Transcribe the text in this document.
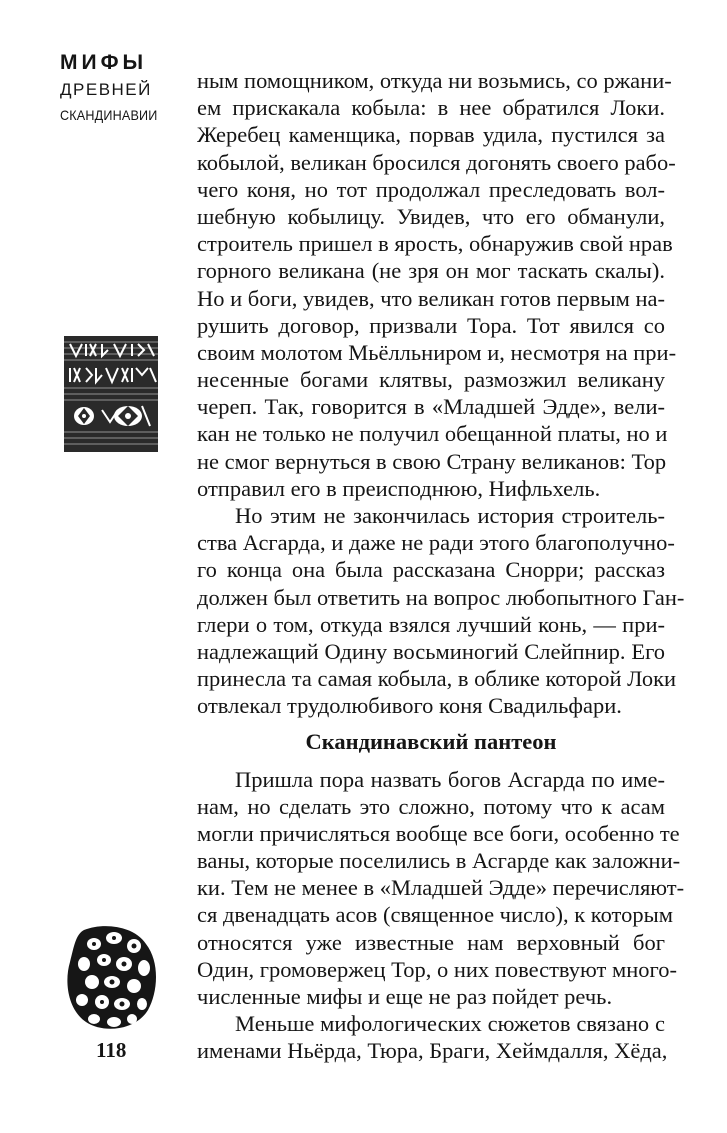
МИФЫ
ДРЕВНЕЙ
СКАНДИНАВИИ
ным помощником, откуда ни возьмись, со ржани-
ем прискакала кобыла: в нее обратился Локи.
Жеребец каменщика, порвав удила, пустился за
кобылой, великан бросился догонять своего рабо-
чего коня, но тот продолжал преследовать вол-
шебную кобылицу. Увидев, что его обманули,
строитель пришел в ярость, обнаружив свой нрав
горного великана (не зря он мог таскать скалы).
Но и боги, увидев, что великан готов первым на-
рушить договор, призвали Тора. Тот явился со
своим молотом Мьёлльниром и, несмотря на при-
несенные богами клятвы, размозжил великану
череп. Так, говорится в «Младшей Эдде», вели-
кан не только не получил обещанной платы, но и
не смог вернуться в свою Страну великанов: Тор
отправил его в преисподнюю, Нифльхель.
Но этим не закончилась история строитель-
ства Асгарда, и даже не ради этого благополучно-
го конца она была рассказана Снорри; рассказ
должен был ответить на вопрос любопытного Ган-
глери о том, откуда взялся лучший конь, — при-
надлежащий Одину восьминогий Слейпнир. Его
принесла та самая кобыла, в облике которой Локи
отвлекал трудолюбивого коня Свадильфари.
Скандинавский пантеон
Пришла пора назвать богов Асгарда по име-
нам, но сделать это сложно, потому что к асам
могли причисляться вообще все боги, особенно те
ваны, которые поселились в Асгарде как заложни-
ки. Тем не менее в «Младшей Эдде» перечисляют-
ся двенадцать асов (священное число), к которым
относятся уже известные нам верховный бог
Один, громовержец Тор, о них повествуют много-
численные мифы и еще не раз пойдет речь.
Меньше мифологических сюжетов связано с
именами Ньёрда, Тюра, Браги, Хеймдалля, Хёда,
118
